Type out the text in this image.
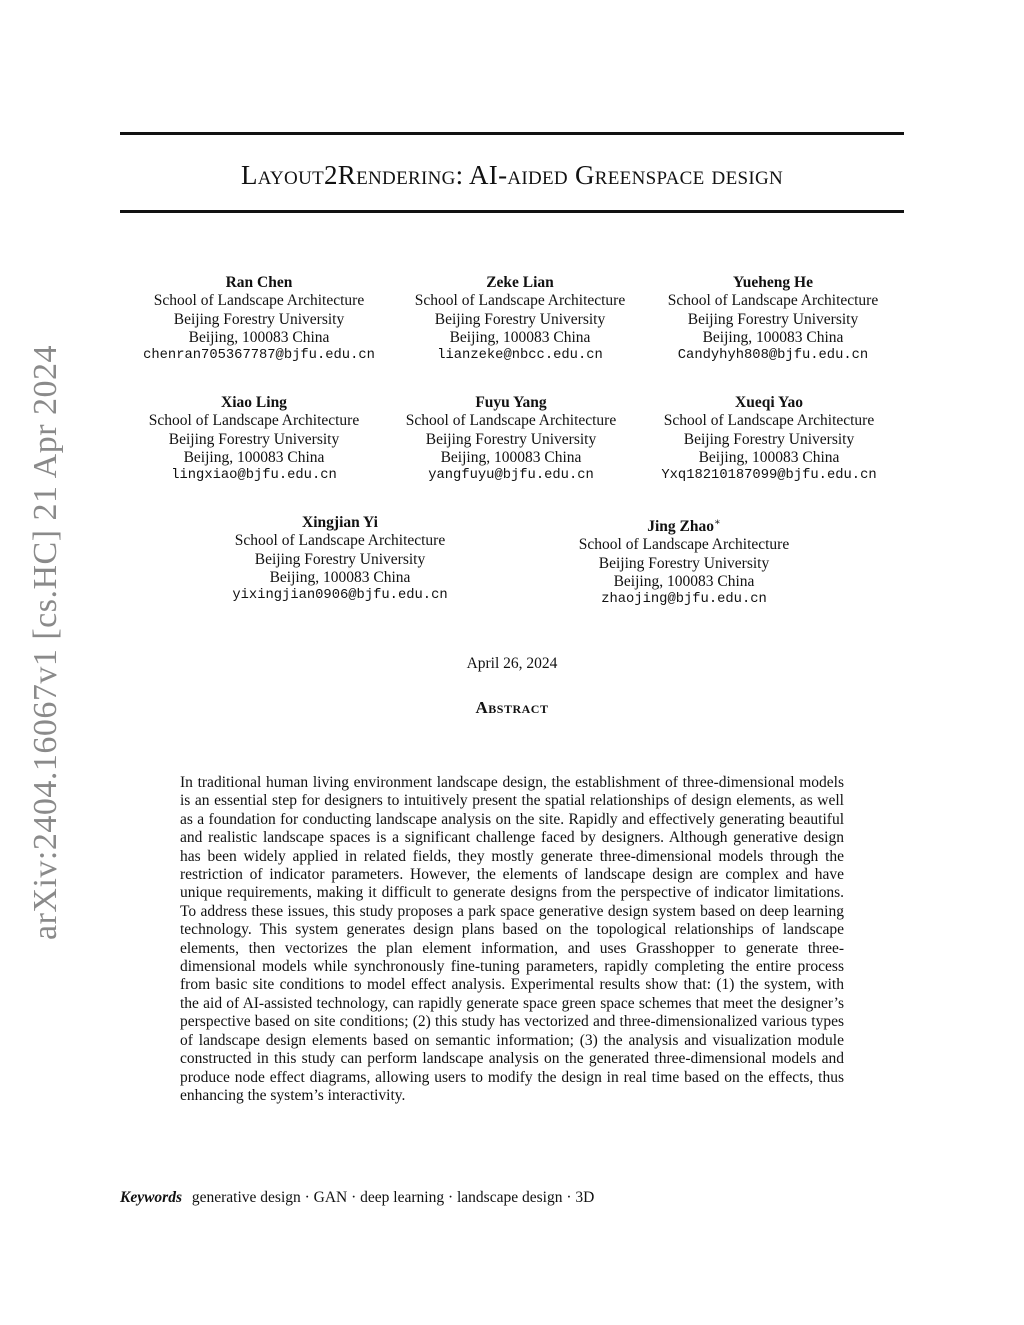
arXiv:2404.16067v1 [cs.HC] 21 Apr 2024
Layout2Rendering: AI-aided Greenspace design
Ran Chen
School of Landscape Architecture
Beijing Forestry University
Beijing, 100083 China
chenran705367787@bjfu.edu.cn
Zeke Lian
School of Landscape Architecture
Beijing Forestry University
Beijing, 100083 China
lianzeke@nbcc.edu.cn
Yueheng He
School of Landscape Architecture
Beijing Forestry University
Beijing, 100083 China
Candyhyh808@bjfu.edu.cn
Xiao Ling
School of Landscape Architecture
Beijing Forestry University
Beijing, 100083 China
lingxiao@bjfu.edu.cn
Fuyu Yang
School of Landscape Architecture
Beijing Forestry University
Beijing, 100083 China
yangfuyu@bjfu.edu.cn
Xueqi Yao
School of Landscape Architecture
Beijing Forestry University
Beijing, 100083 China
Yxq18210187099@bjfu.edu.cn
Xingjian Yi
School of Landscape Architecture
Beijing Forestry University
Beijing, 100083 China
yixingjian0906@bjfu.edu.cn
Jing Zhao∗
School of Landscape Architecture
Beijing Forestry University
Beijing, 100083 China
zhaojing@bjfu.edu.cn
April 26, 2024
Abstract
In traditional human living environment landscape design, the establishment of three-dimensional models is an essential step for designers to intuitively present the spatial relationships of design elements, as well as a foundation for conducting landscape analysis on the site. Rapidly and effectively generating beautiful and realistic landscape spaces is a significant challenge faced by designers. Although generative design has been widely applied in related fields, they mostly generate three-dimensional models through the restriction of indicator parameters. However, the elements of landscape design are complex and have unique requirements, making it difficult to generate designs from the perspective of indicator limitations. To address these issues, this study proposes a park space generative design system based on deep learning technology. This system generates design plans based on the topological relationships of landscape elements, then vectorizes the plan element information, and uses Grasshopper to generate three-dimensional models while synchronously fine-tuning parameters, rapidly completing the entire process from basic site conditions to model effect analysis. Experimental results show that: (1) the system, with the aid of AI-assisted technology, can rapidly generate space green space schemes that meet the designer’s perspective based on site conditions; (2) this study has vectorized and three-dimensionalized various types of landscape design elements based on semantic information; (3) the analysis and visualization module constructed in this study can perform landscape analysis on the generated three-dimensional models and produce node effect diagrams, allowing users to modify the design in real time based on the effects, thus enhancing the system’s interactivity.
Keywords generative design · GAN · deep learning · landscape design · 3D
